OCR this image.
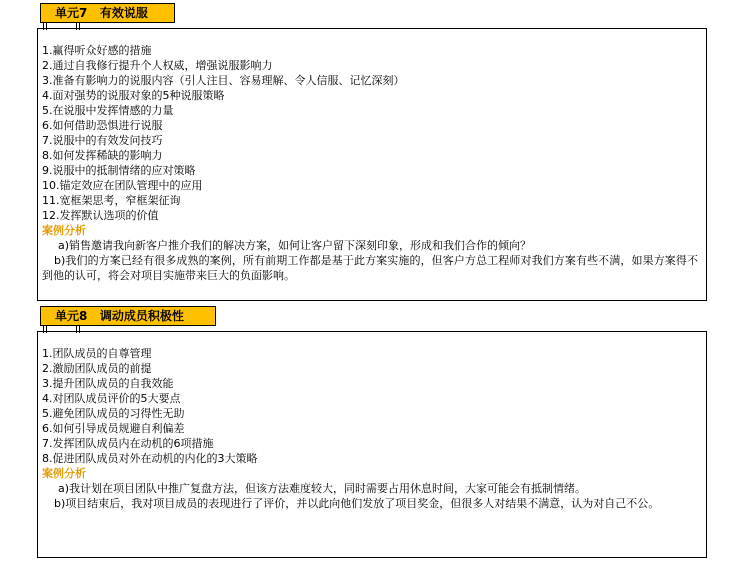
单元7   有效说服
1.赢得听众好感的措施
2.通过自我修行提升个人权威，增强说服影响力
3.准备有影响力的说服内容（引人注目、容易理解、令人信服、记忆深刻）
4.面对强势的说服对象的5种说服策略
5.在说服中发挥情感的力量
6.如何借助恐惧进行说服
7.说服中的有效发问技巧
8.如何发挥稀缺的影响力
9.说服中的抵制情绪的应对策略
10.锚定效应在团队管理中的应用
11.宽框架思考，窄框架征询
12.发挥默认选项的价值
案例分析

a)销售邀请我向新客户推介我们的解决方案，如何让客户留下深刻印象，形成和我们合作的倾向？

b)我们的方案已经有很多成熟的案例，所有前期工作都是基于此方案实施的，但客户方总工程师对我们方案有些不满，如果方案得不到他的认可，将会对项目实施带来巨大的负面影响。

单元8   调动成员积极性
1.团队成员的自尊管理
2.激励团队成员的前提
3.提升团队成员的自我效能
4.对团队成员评价的5大要点
5.避免团队成员的习得性无助
6.如何引导成员规避自利偏差
7.发挥团队成员内在动机的6项措施
8.促进团队成员对外在动机的内化的3大策略
案例分析

a)我计划在项目团队中推广复盘方法，但该方法难度较大，同时需要占用休息时间，大家可能会有抵制情绪。

b)项目结束后，我对项目成员的表现进行了评价，并以此向他们发放了项目奖金，但很多人对结果不满意，认为对自己不公。
